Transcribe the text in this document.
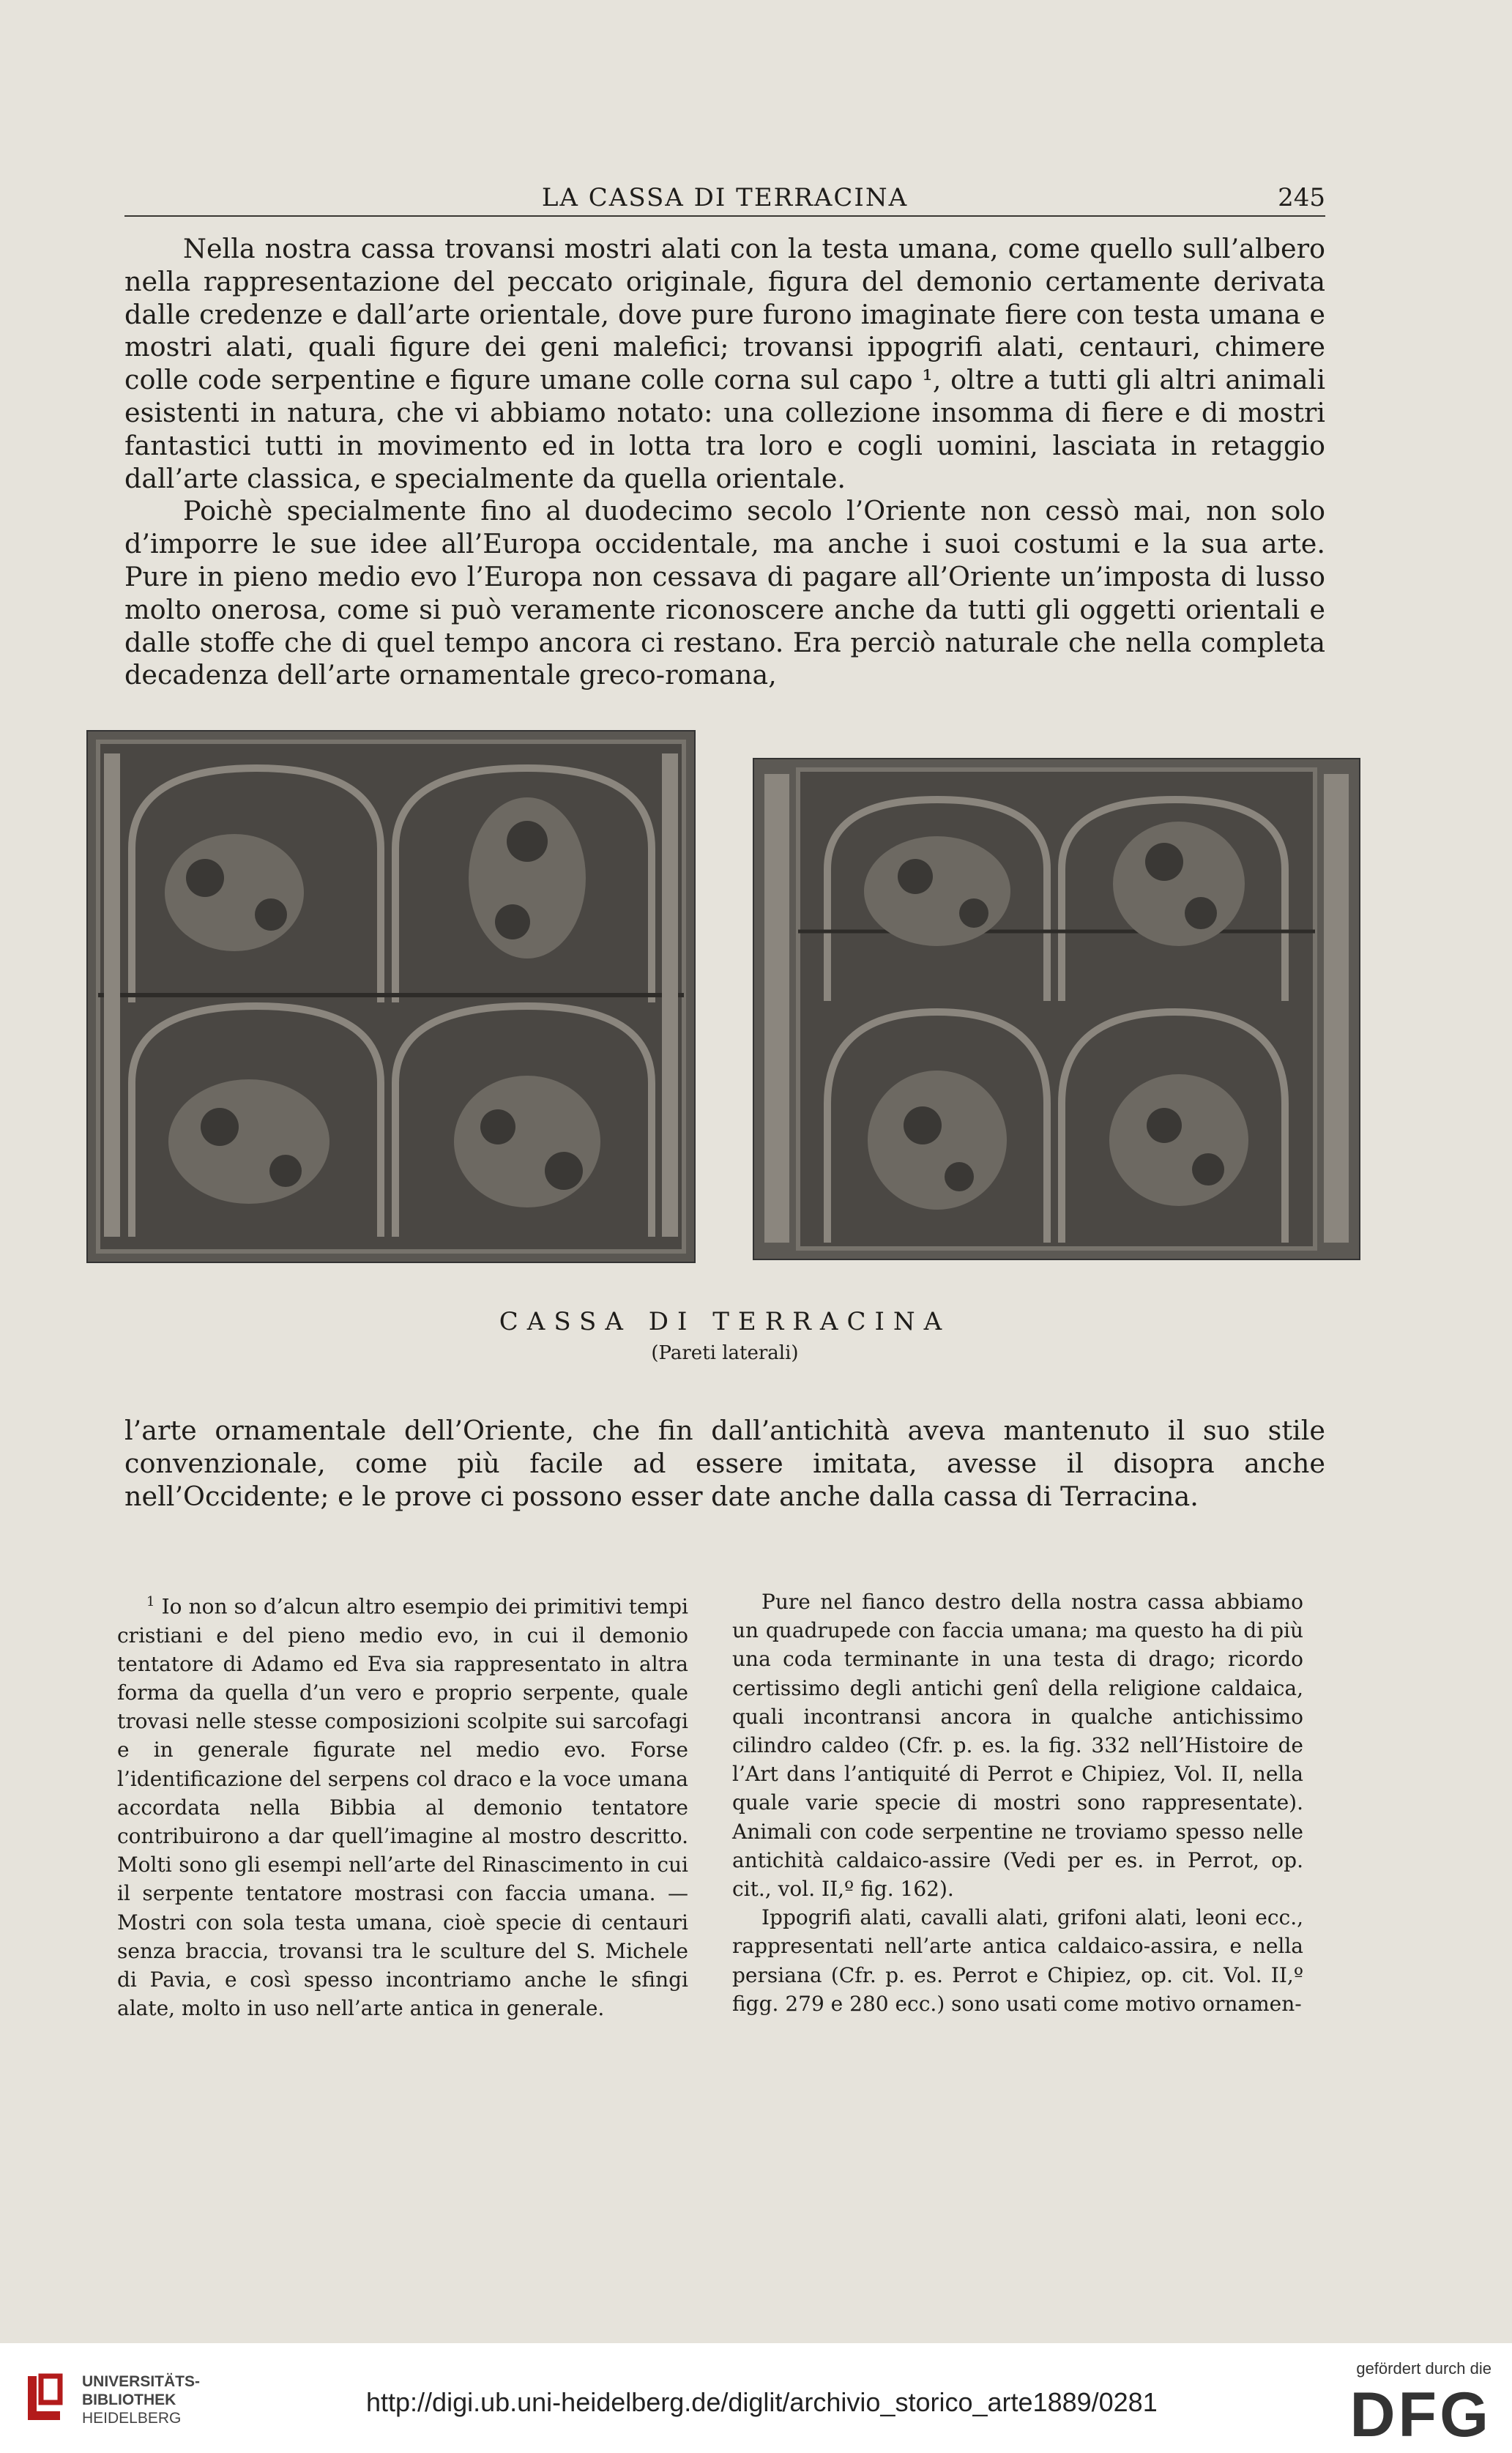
LA CASSA DI TERRACINA	245

Nella nostra cassa trovansi mostri alati con la testa umana, come quello sull’albero nella rappresentazione del peccato originale, figura del demonio certamente derivata dalle credenze e dall’arte orientale, dove pure furono imaginate fiere con testa umana e mostri alati, quali figure dei geni malefici; trovansi ippogrifi alati, centauri, chimere colle code serpentine e figure umane colle corna sul capo ¹, oltre a tutti gli altri animali esistenti in natura, che vi abbiamo notato: una collezione insomma di fiere e di mostri fantastici tutti in movimento ed in lotta tra loro e cogli uomini, lasciata in retaggio dall’arte classica, e specialmente da quella orientale.

Poichè specialmente fino al duodecimo secolo l’Oriente non cessò mai, non solo d’imporre le sue idee all’Europa occidentale, ma anche i suoi costumi e la sua arte. Pure in pieno medio evo l’Europa non cessava di pagare all’Oriente un’imposta di lusso molto onerosa, come si può veramente riconoscere anche da tutti gli oggetti orientali e dalle stoffe che di quel tempo ancora ci restano. Era perciò naturale che nella completa decadenza dell’arte ornamentale greco-romana,

CASSA DI TERRACINA
(Pareti laterali)

l’arte ornamentale dell’Oriente, che fin dall’antichità aveva mantenuto il suo stile convenzionale, come più facile ad essere imitata, avesse il disopra anche nell’Occidente; e le prove ci possono esser date anche dalla cassa di Terracina.

$^1$ Io non so d’alcun altro esempio dei primitivi tempi cristiani e del pieno medio evo, in cui il demonio tentatore di Adamo ed Eva sia rappresentato in altra forma da quella d’un vero e proprio serpente, quale trovasi nelle stesse composizioni scolpite sui sarcofagi e in generale figurate nel medio evo. Forse l’identificazione del serpens col draco e la voce umana accordata nella Bibbia al demonio tentatore contribuirono a dar quell’imagine al mostro descritto. Molti sono gli esempi nell’arte del Rinascimento in cui il serpente tentatore mostrasi con faccia umana. — Mostri con sola testa umana, cioè specie di centauri senza braccia, trovansi tra le sculture del S. Michele di Pavia, e così spesso incontriamo anche le sfingi alate, molto in uso nell’arte antica in generale.

Pure nel fianco destro della nostra cassa abbiamo un quadrupede con faccia umana; ma questo ha di più una coda terminante in una testa di drago; ricordo certissimo degli antichi genî della religione caldaica, quali incontransi ancora in qualche antichissimo cilindro caldeo (Cfr. p. es. la fig. 332 nell’Histoire de l’Art dans l’antiquité di Perrot e Chipiez, Vol. II, nella quale varie specie di mostri sono rappresentate). Animali con code serpentine ne troviamo spesso nelle antichità caldaico-assire (Vedi per es. in Perrot, op. cit., vol. II,º fig. 162).

Ippogrifi alati, cavalli alati, grifoni alati, leoni ecc., rappresentati nell’arte antica caldaico-assira, e nella persiana (Cfr. p. es. Perrot e Chipiez, op. cit. Vol. II,º figg. 279 e 280 ecc.) sono usati come motivo ornamen-

UNIVERSITÄTS-
BIBLIOTHEK
HEIDELBERG
http://digi.ub.uni-heidelberg.de/diglit/archivio_storico_arte1889/0281
gefördert durch die
DFG
